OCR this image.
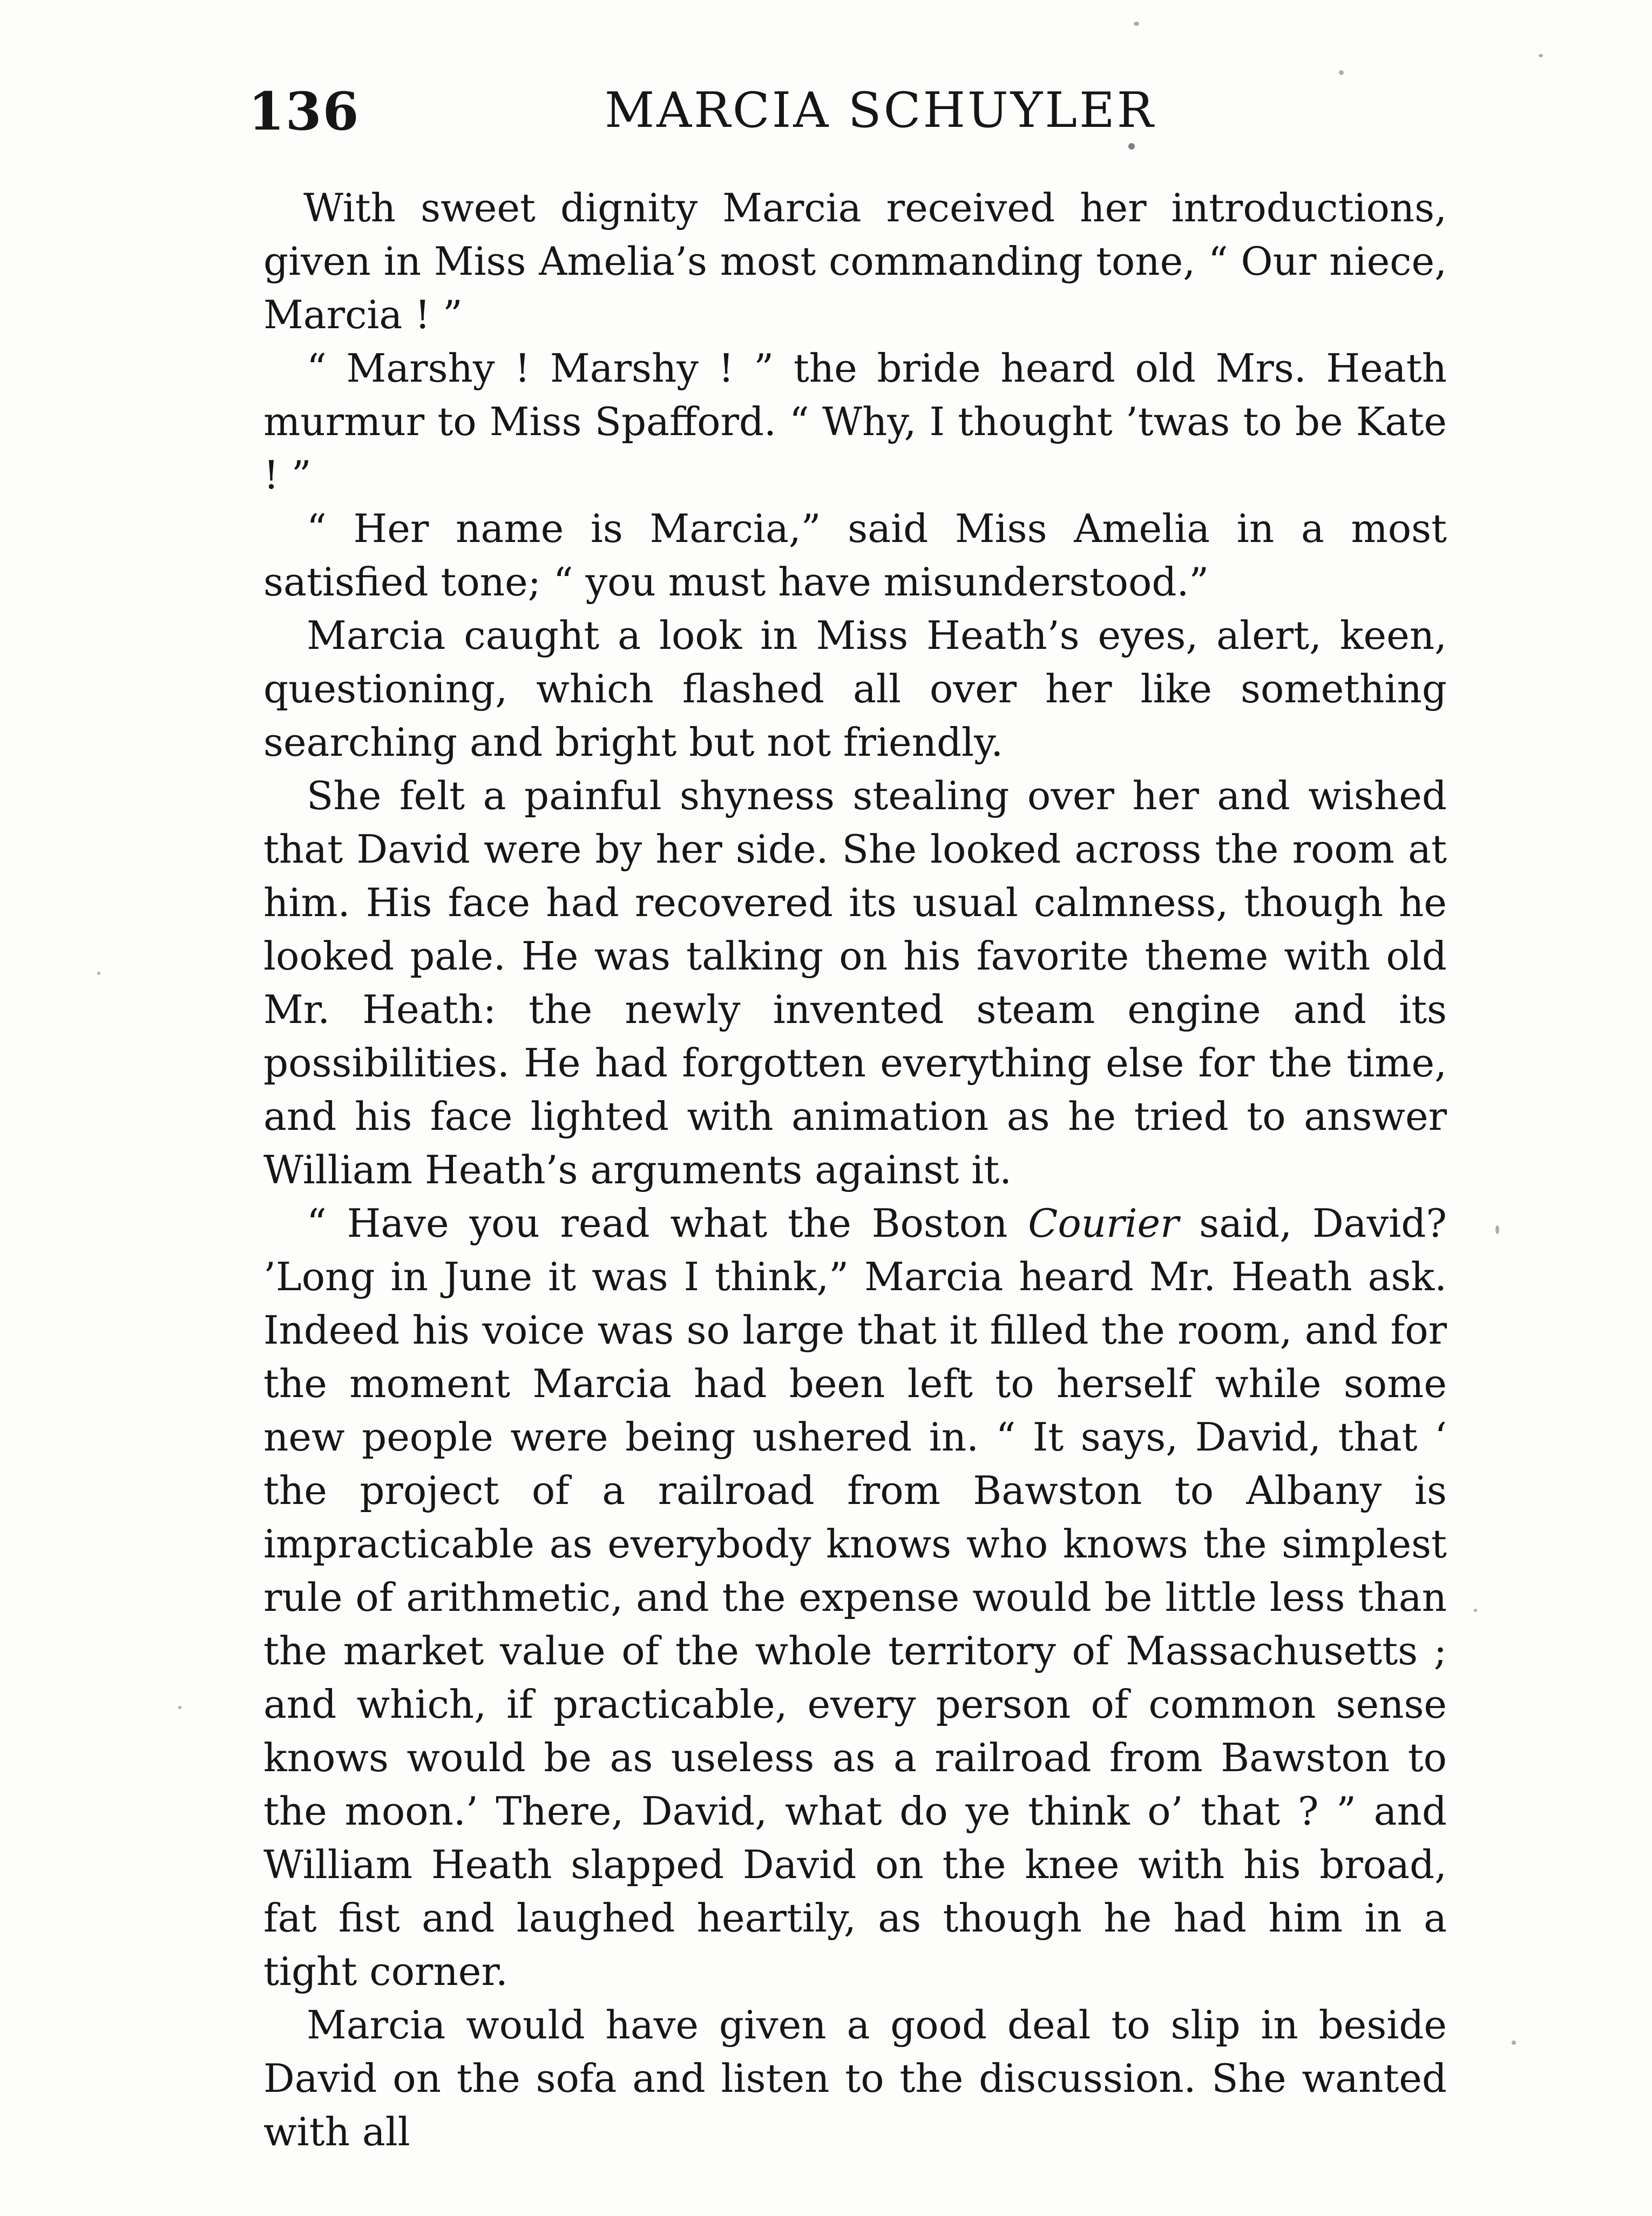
136	MARCIA SCHUYLER

With sweet dignity Marcia received her introductions, given in Miss Amelia’s most commanding tone, “ Our niece, Marcia ! ”

“ Marshy ! Marshy ! ” the bride heard old Mrs. Heath murmur to Miss Spafford. “ Why, I thought ’twas to be Kate ! ”

“ Her name is Marcia,” said Miss Amelia in a most satisfied tone; “ you must have misunderstood.”

Marcia caught a look in Miss Heath’s eyes, alert, keen, questioning, which flashed all over her like something searching and bright but not friendly.

She felt a painful shyness stealing over her and wished that David were by her side. She looked across the room at him. His face had recovered its usual calmness, though he looked pale. He was talking on his favorite theme with old Mr. Heath: the newly invented steam engine and its possibilities. He had forgotten everything else for the time, and his face lighted with animation as he tried to answer William Heath’s arguments against it.

“ Have you read what the Boston Courier said, David? ’Long in June it was I think,” Marcia heard Mr. Heath ask. Indeed his voice was so large that it filled the room, and for the moment Marcia had been left to herself while some new people were being ushered in. “ It says, David, that ‘ the project of a railroad from Bawston to Albany is impracticable as everybody knows who knows the simplest rule of arithmetic, and the expense would be little less than the market value of the whole territory of Massachusetts ; and which, if practicable, every person of common sense knows would be as useless as a railroad from Bawston to the moon.’ There, David, what do ye think o’ that ? ” and William Heath slapped David on the knee with his broad, fat fist and laughed heartily, as though he had him in a tight corner.

Marcia would have given a good deal to slip in beside David on the sofa and listen to the discussion. She wanted with all
